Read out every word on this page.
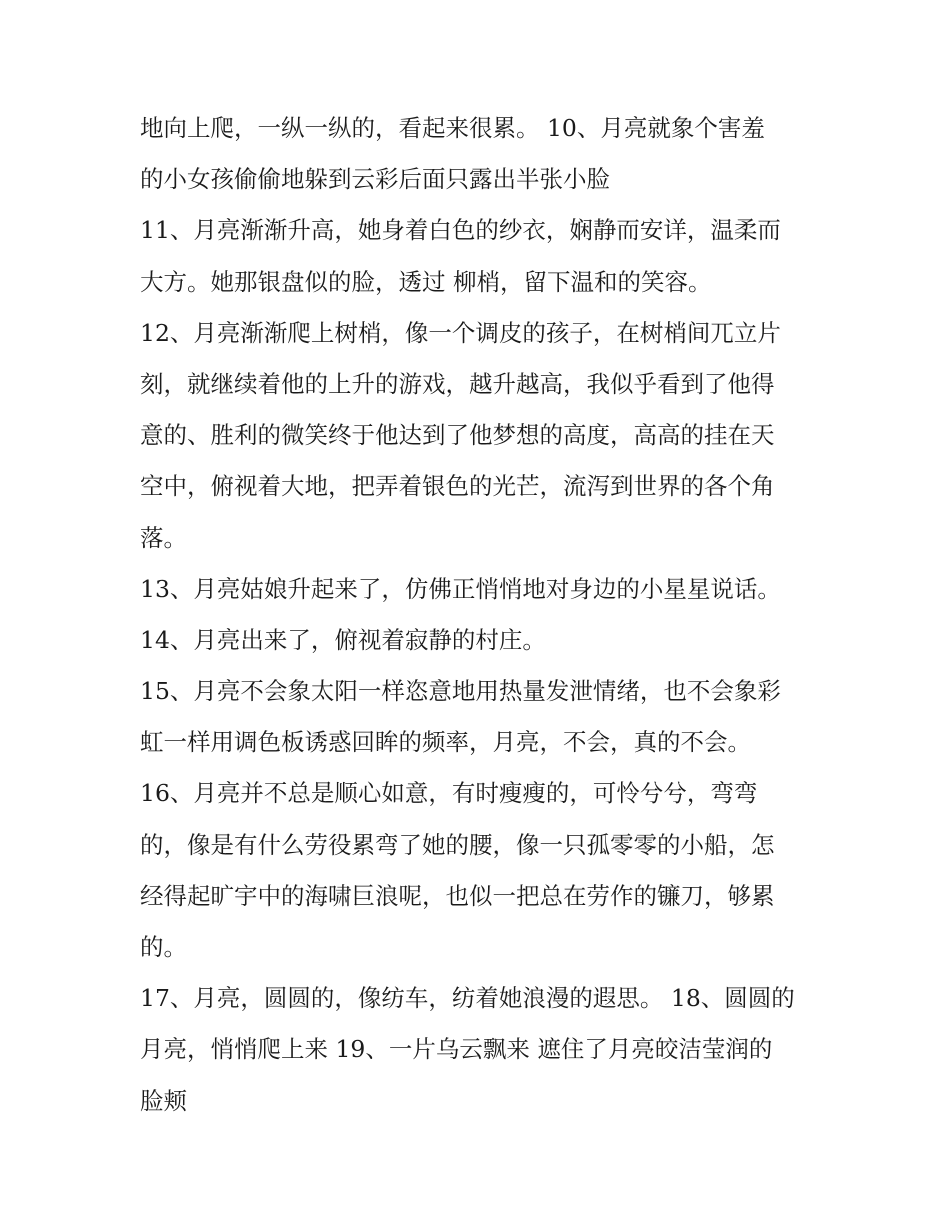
地向上爬，一纵一纵的，看起来很累。 10、月亮就象个害羞
的小女孩偷偷地躲到云彩后面只露出半张小脸
11、月亮渐渐升高，她身着白色的纱衣，娴静而安详，温柔而
大方。她那银盘似的脸，透过 柳梢，留下温和的笑容。
12、月亮渐渐爬上树梢，像一个调皮的孩子，在树梢间兀立片
刻，就继续着他的上升的游戏，越升越高，我似乎看到了他得
意的、胜利的微笑终于他达到了他梦想的高度，高高的挂在天
空中，俯视着大地，把弄着银色的光芒，流泻到世界的各个角
落。
13、月亮姑娘升起来了，仿佛正悄悄地对身边的小星星说话。
14、月亮出来了，俯视着寂静的村庄。
15、月亮不会象太阳一样恣意地用热量发泄情绪，也不会象彩
虹一样用调色板诱惑回眸的频率，月亮，不会，真的不会。
16、月亮并不总是顺心如意，有时瘦瘦的，可怜兮兮，弯弯
的，像是有什么劳役累弯了她的腰，像一只孤零零的小船，怎
经得起旷宇中的海啸巨浪呢，也似一把总在劳作的镰刀，够累
的。
17、月亮，圆圆的，像纺车，纺着她浪漫的遐思。 18、圆圆的
月亮，悄悄爬上来 19、一片乌云飘来 遮住了月亮皎洁莹润的
脸颊
